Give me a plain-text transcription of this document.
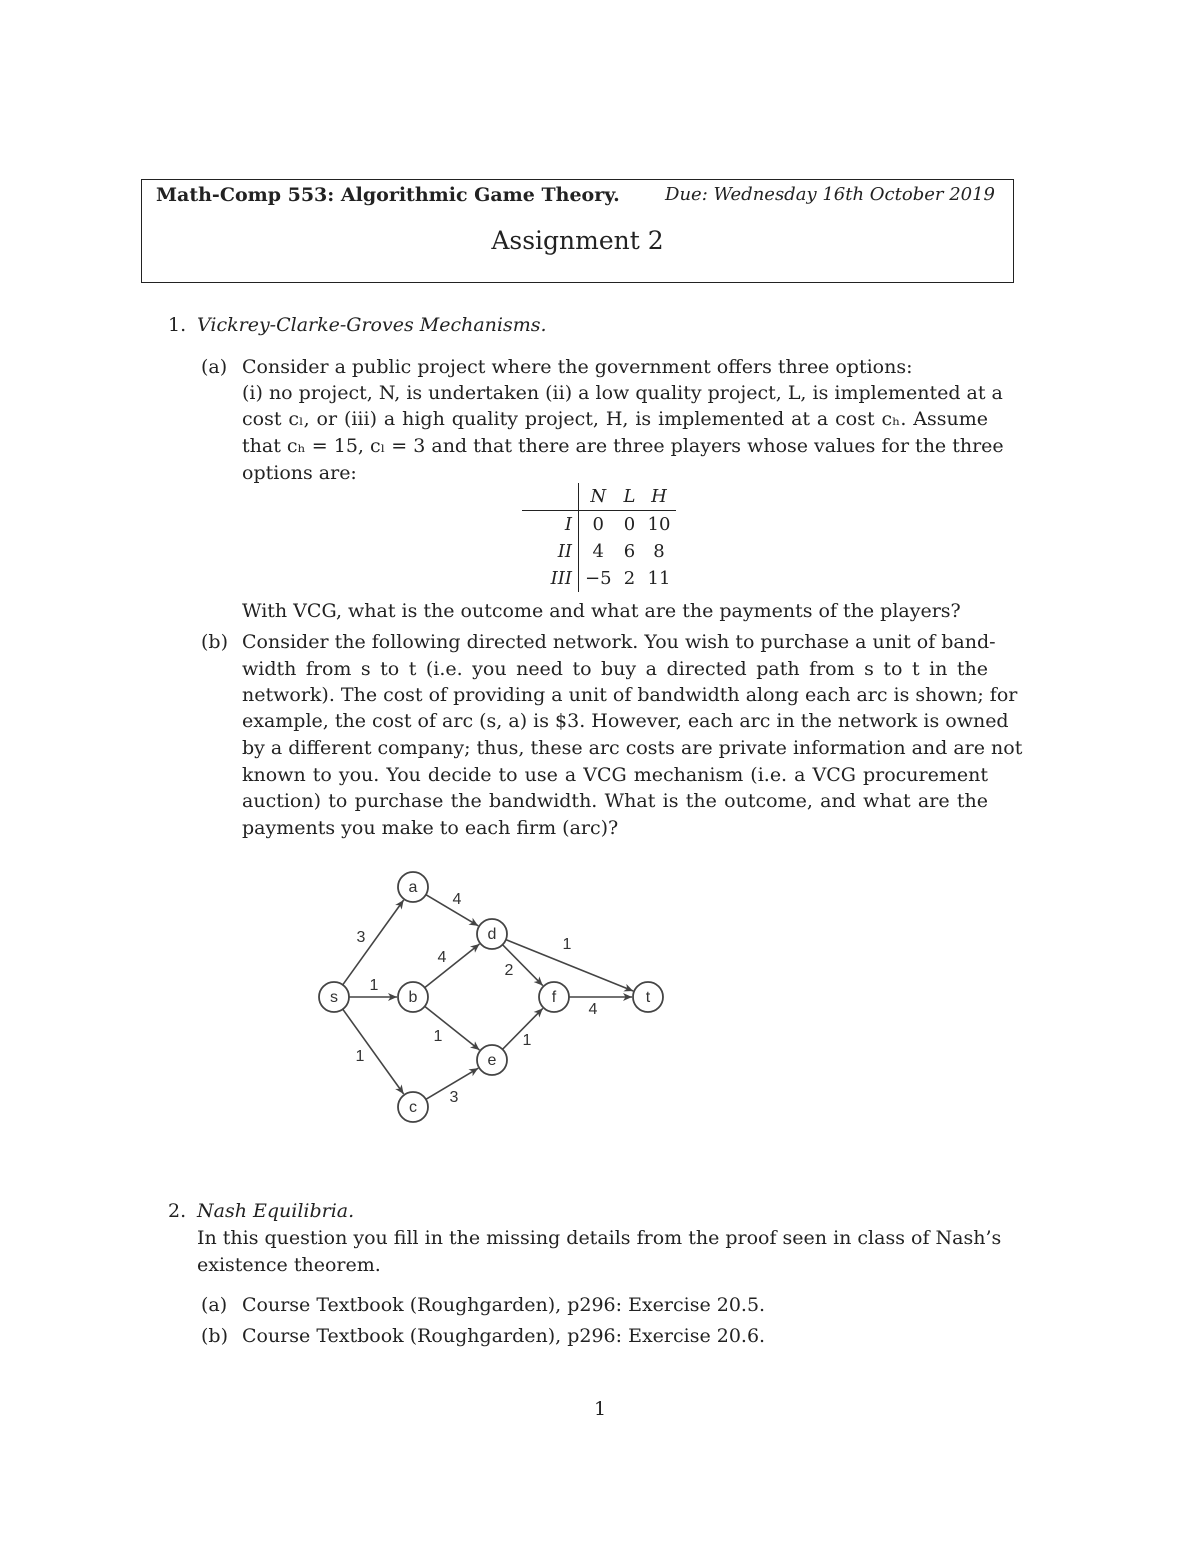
Math-Comp 553: Algorithmic Game Theory.	Due: Wednesday 16th October 2019
Assignment 2
1. Vickrey-Clarke-Groves Mechanisms.
(a) Consider a public project where the government offers three options:
(i) no project, N, is undertaken (ii) a low quality project, L, is implemented at a
cost cₗ, or (iii) a high quality project, H, is implemented at a cost cₕ. Assume
that cₕ = 15, cₗ = 3 and that there are three players whose values for the three
options are:
	N	L	H
I	0	0	10
II	4	6	8
III	−5	2	11
With VCG, what is the outcome and what are the payments of the players?
(b) Consider the following directed network. You wish to purchase a unit of band-
width from s to t (i.e. you need to buy a directed path from s to t in the
network). The cost of providing a unit of bandwidth along each arc is shown; for
example, the cost of arc (s, a) is $3. However, each arc in the network is owned
by a different company; thus, these arc costs are private information and are not
known to you. You decide to use a VCG mechanism (i.e. a VCG procurement
auction) to purchase the bandwidth. What is the outcome, and what are the
payments you make to each firm (arc)?
3
1
1
4
4
1
3
2
1
1
4
a
b
c
d
e
f
s	t
2. Nash Equilibria.
In this question you fill in the missing details from the proof seen in class of Nash’s
existence theorem.
(a) Course Textbook (Roughgarden), p296: Exercise 20.5.
(b) Course Textbook (Roughgarden), p296: Exercise 20.6.
1
